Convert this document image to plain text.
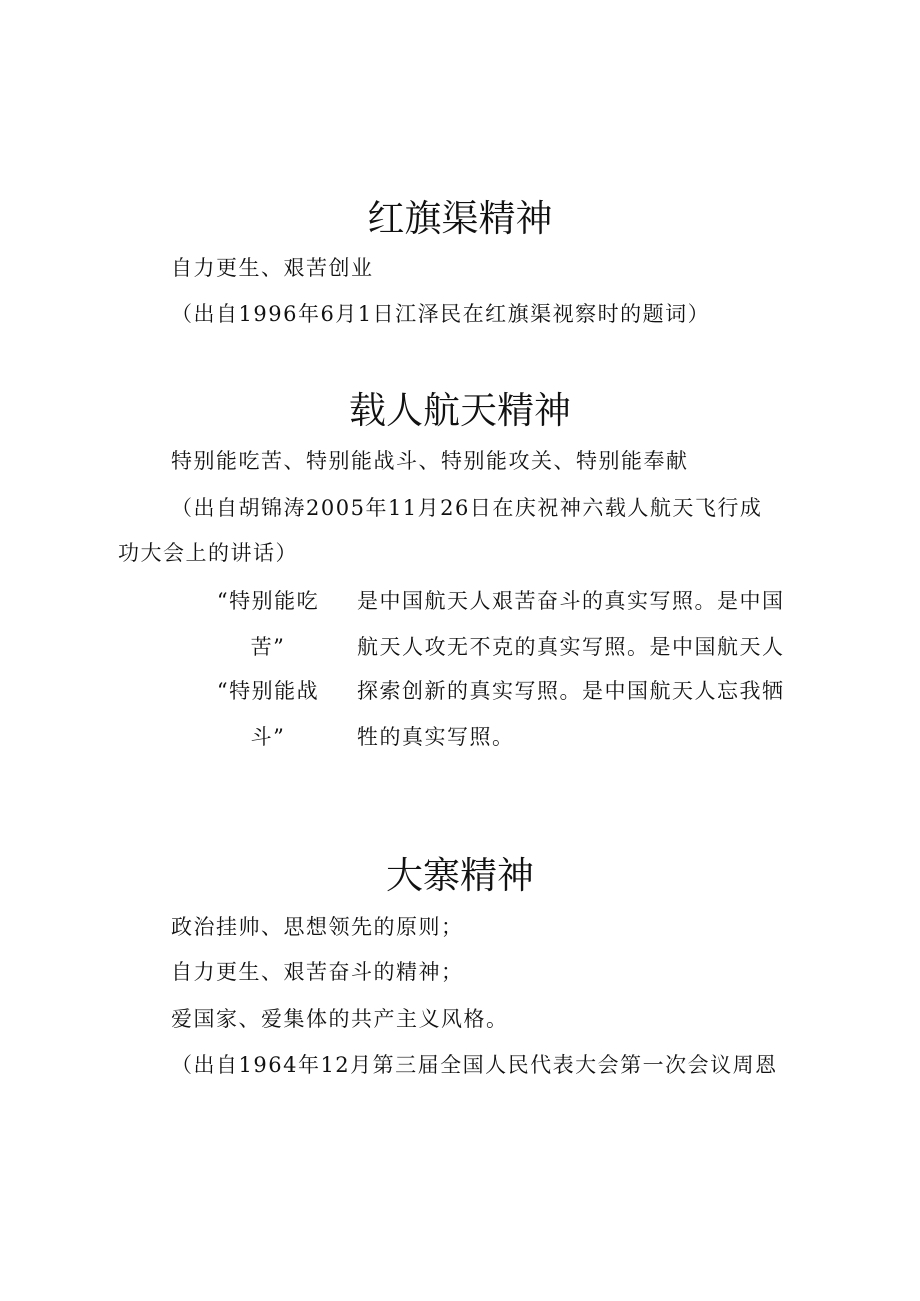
红旗渠精神

自力更生、艰苦创业

（出自1996年6月1日江泽民在红旗渠视察时的题词）

载人航天精神

特别能吃苦、特别能战斗、特别能攻关、特别能奉献

（出自胡锦涛2005年11月26日在庆祝神六载人航天飞行成

功大会上的讲话）

“特别能吃
苦”
“特别能战
斗”

是中国航天人艰苦奋斗的真实写照。是中国

航天人攻无不克的真实写照。是中国航天人

探索创新的真实写照。是中国航天人忘我牺

牲的真实写照。

大寨精神

政治挂帅、思想领先的原则；

自力更生、艰苦奋斗的精神；

爱国家、爱集体的共产主义风格。

（出自1964年12月第三届全国人民代表大会第一次会议周恩
